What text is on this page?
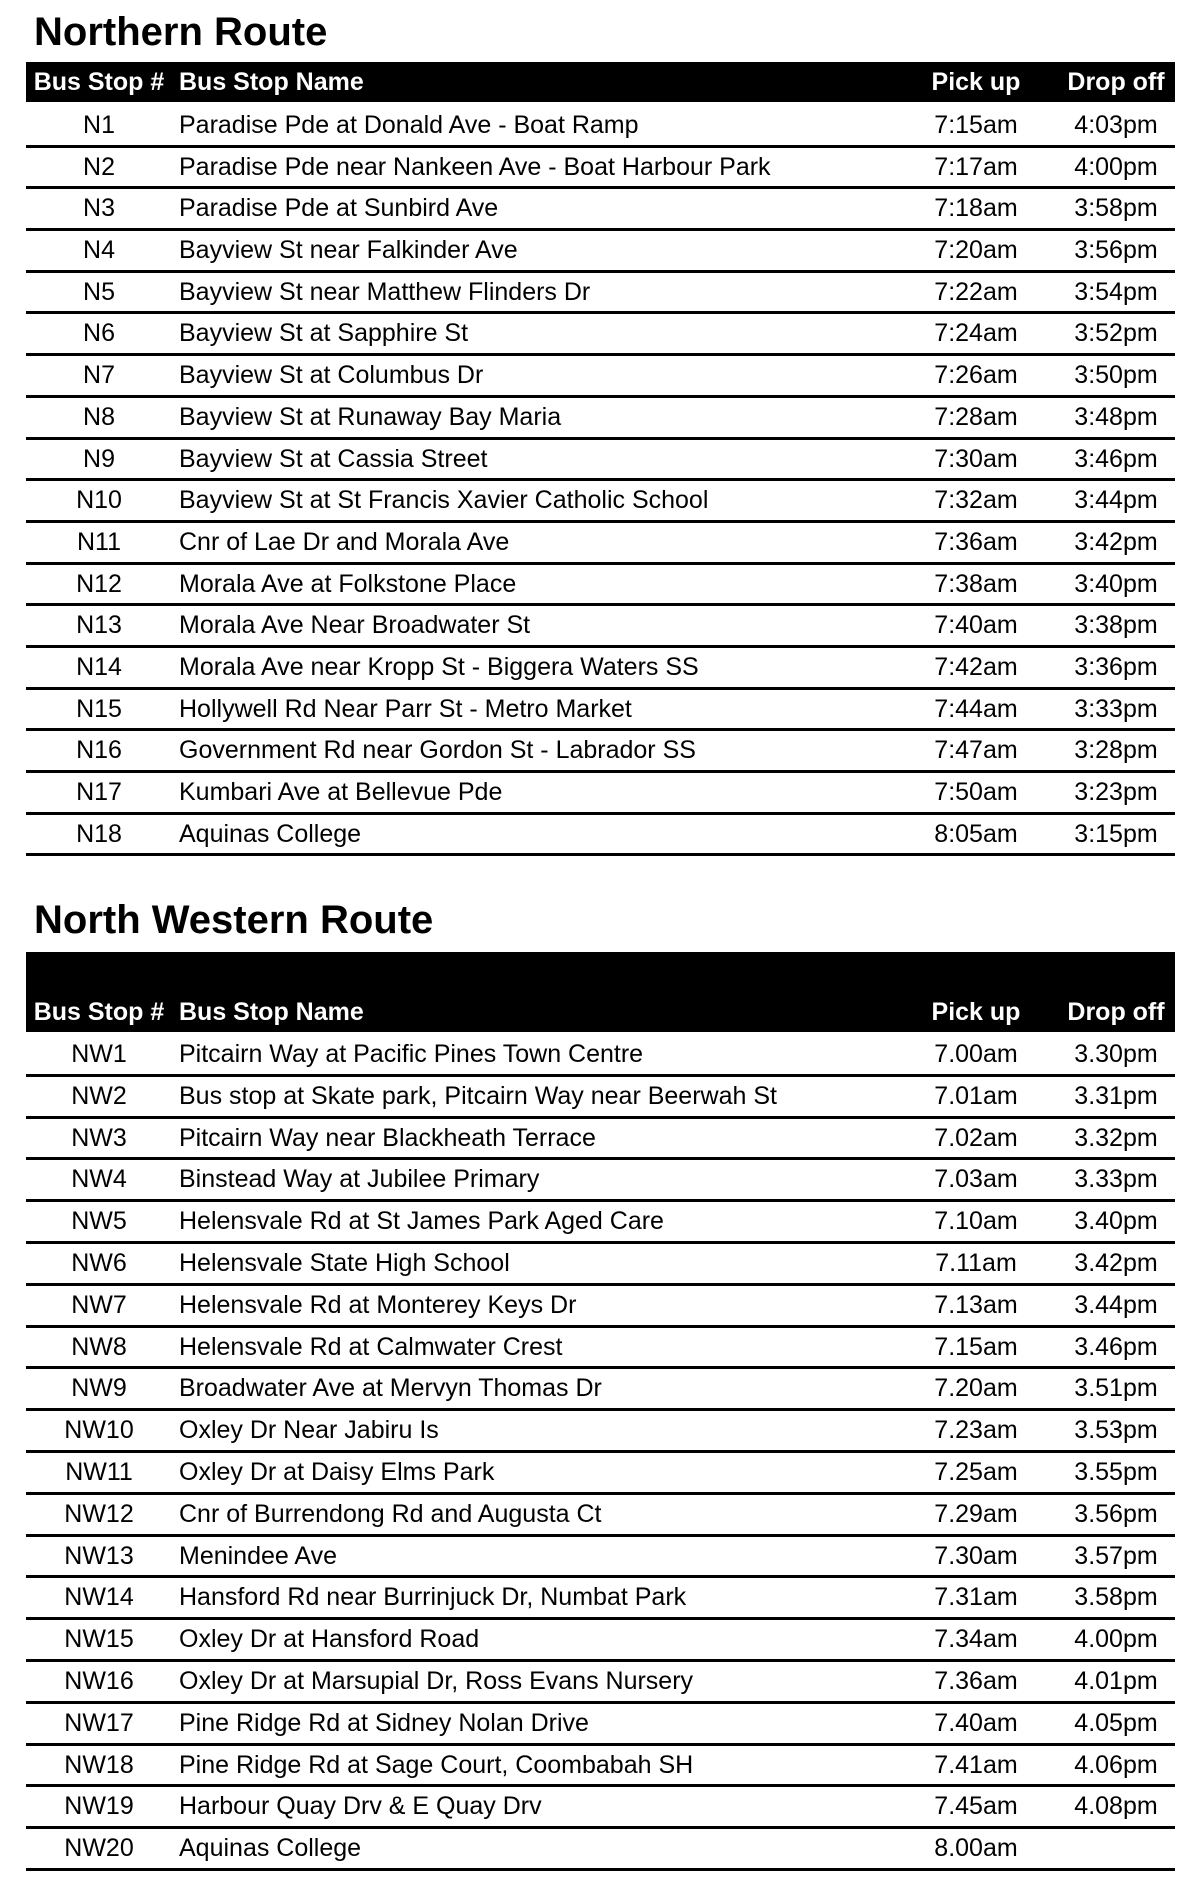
Northern Route
Bus Stop # Bus Stop Name	Pick up	Drop off
N1	Paradise Pde at Donald Ave - Boat Ramp	7:15am	4:03pm
N2	Paradise Pde near Nankeen Ave - Boat Harbour Park	7:17am	4:00pm
N3	Paradise Pde at Sunbird Ave	7:18am	3:58pm
N4	Bayview St near Falkinder Ave	7:20am	3:56pm
N5	Bayview St near Matthew Flinders Dr	7:22am	3:54pm
N6	Bayview St at Sapphire St	7:24am	3:52pm
N7	Bayview St at Columbus Dr	7:26am	3:50pm
N8	Bayview St at Runaway Bay Maria	7:28am	3:48pm
N9	Bayview St at Cassia Street	7:30am	3:46pm
N10	Bayview St at St Francis Xavier Catholic School	7:32am	3:44pm
N11	Cnr of Lae Dr and Morala Ave	7:36am	3:42pm
N12	Morala Ave at Folkstone Place	7:38am	3:40pm
N13	Morala Ave Near Broadwater St	7:40am	3:38pm
N14	Morala Ave near Kropp St - Biggera Waters SS	7:42am	3:36pm
N15	Hollywell Rd Near Parr St - Metro Market	7:44am	3:33pm
N16	Government Rd near Gordon St - Labrador SS	7:47am	3:28pm
N17	Kumbari Ave at Bellevue Pde	7:50am	3:23pm
N18	Aquinas College	8:05am	3:15pm
North Western Route
Bus Stop # Bus Stop Name	Pick up	Drop off
NW1	Pitcairn Way at Pacific Pines Town Centre	7.00am	3.30pm
NW2	Bus stop at Skate park, Pitcairn Way near Beerwah St	7.01am	3.31pm
NW3	Pitcairn Way near Blackheath Terrace	7.02am	3.32pm
NW4	Binstead Way at Jubilee Primary	7.03am	3.33pm
NW5	Helensvale Rd at St James Park Aged Care	7.10am	3.40pm
NW6	Helensvale State High School	7.11am	3.42pm
NW7	Helensvale Rd at Monterey Keys Dr	7.13am	3.44pm
NW8	Helensvale Rd at Calmwater Crest	7.15am	3.46pm
NW9	Broadwater Ave at Mervyn Thomas Dr	7.20am	3.51pm
NW10	Oxley Dr Near Jabiru Is	7.23am	3.53pm
NW11	Oxley Dr at Daisy Elms Park	7.25am	3.55pm
NW12	Cnr of Burrendong Rd and Augusta Ct	7.29am	3.56pm
NW13	Menindee Ave	7.30am	3.57pm
NW14	Hansford Rd near Burrinjuck Dr, Numbat Park	7.31am	3.58pm
NW15	Oxley Dr at Hansford Road	7.34am	4.00pm
NW16	Oxley Dr at Marsupial Dr, Ross Evans Nursery	7.36am	4.01pm
NW17	Pine Ridge Rd at Sidney Nolan Drive	7.40am	4.05pm
NW18	Pine Ridge Rd at Sage Court, Coombabah SH	7.41am	4.06pm
NW19	Harbour Quay Drv & E Quay Drv	7.45am	4.08pm
NW20	Aquinas College	8.00am
